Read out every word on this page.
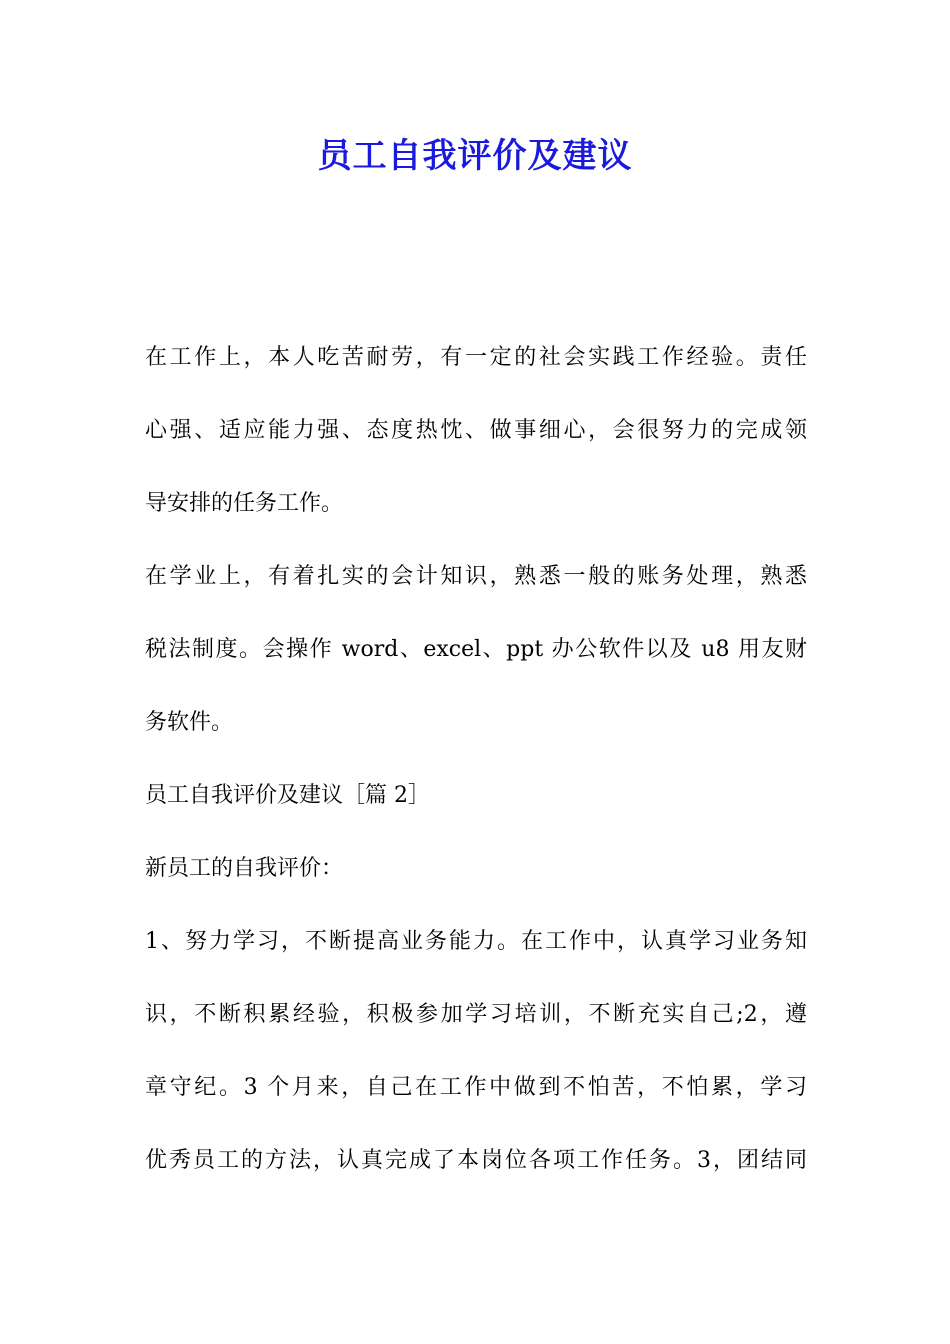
员工自我评价及建议

在工作上，本人吃苦耐劳，有一定的社会实践工作经验。责任

心强、适应能力强、态度热忱、做事细心，会很努力的完成领

导安排的任务工作。

在学业上，有着扎实的会计知识，熟悉一般的账务处理，熟悉

税法制度。会操作 word、excel、ppt 办公软件以及 u8 用友财

务软件。

员工自我评价及建议［篇 2］

新员工的自我评价：

1、努力学习，不断提高业务能力。在工作中，认真学习业务知

识，不断积累经验，积极参加学习培训，不断充实自己;2，遵

章守纪。3 个月来，自己在工作中做到不怕苦，不怕累，学习

优秀员工的方法，认真完成了本岗位各项工作任务。3，团结同
